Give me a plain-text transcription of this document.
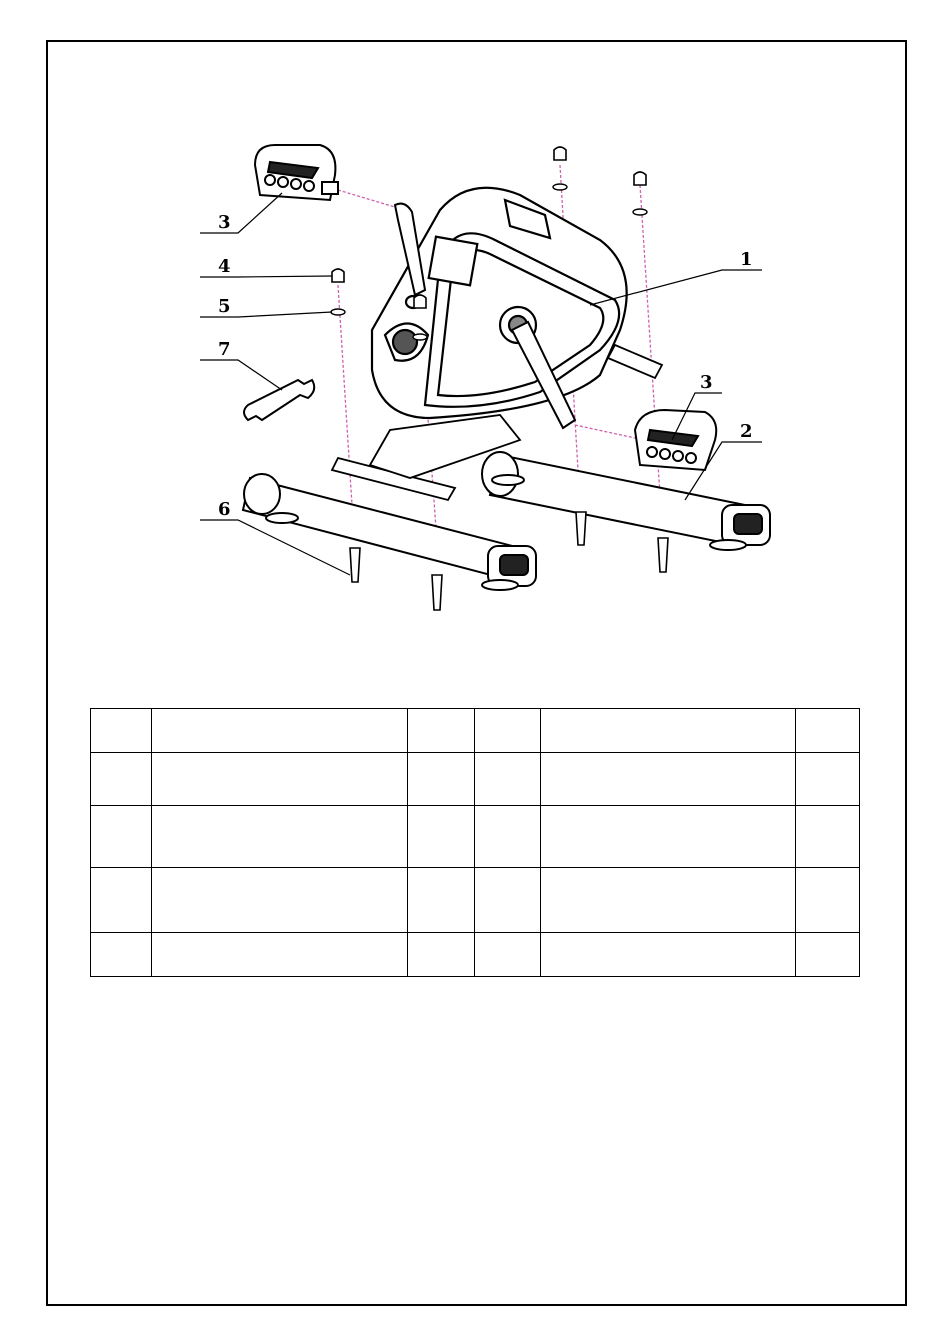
3
4
5
7
6
1
3
2
